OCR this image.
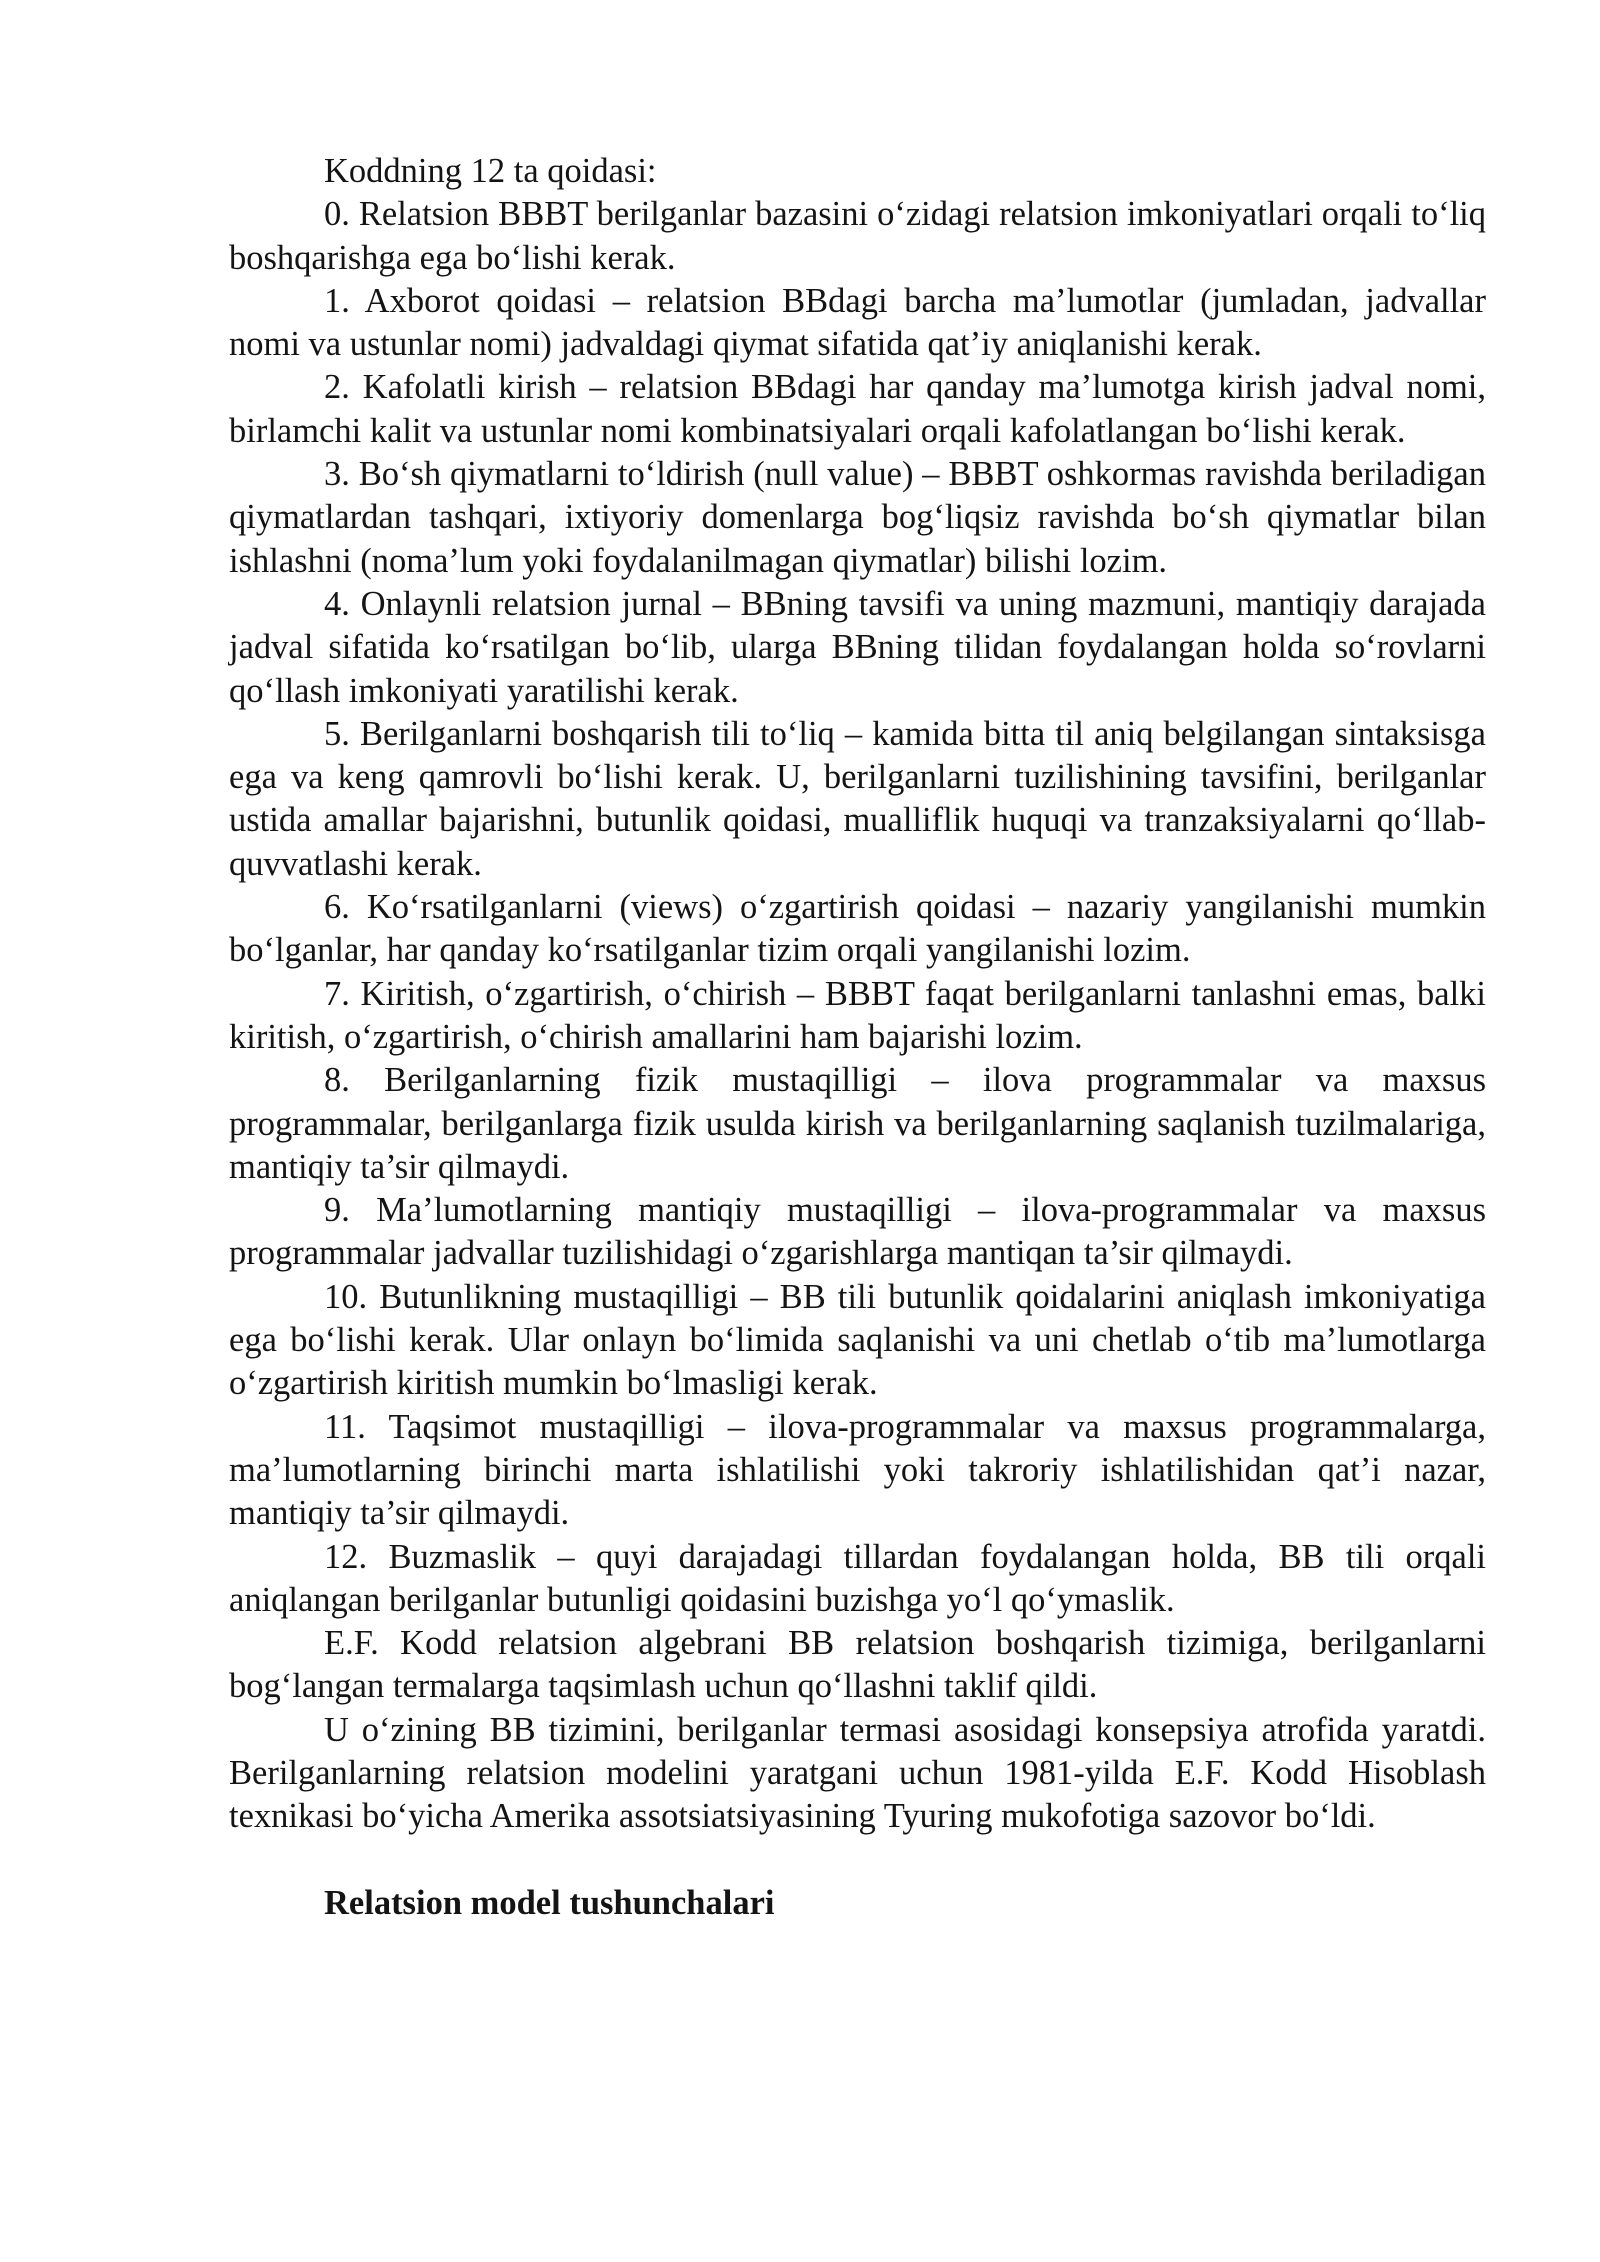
Koddning 12 ta qoidasi:

0. Relatsion BBBT berilganlar bazasini o‘zidagi relatsion imkoniyatlari orqali to‘liq boshqarishga ega bo‘lishi kerak.

1. Axborot qoidasi – relatsion BBdagi barcha ma’lumotlar (jumladan, jadvallar nomi va ustunlar nomi) jadvaldagi qiymat sifatida qat’iy aniqlanishi kerak.

2. Kafolatli kirish – relatsion BBdagi har qanday ma’lumotga kirish jadval nomi, birlamchi kalit va ustunlar nomi kombinatsiyalari orqali kafolatlangan bo‘lishi kerak.

3. Bo‘sh qiymatlarni to‘ldirish (null value) – BBBT oshkormas ravishda beriladigan qiymatlardan tashqari, ixtiyoriy domenlarga bog‘liqsiz ravishda bo‘sh qiymatlar bilan ishlashni (noma’lum yoki foydalanilmagan qiymatlar) bilishi lozim.

4. Onlaynli relatsion jurnal – BBning tavsifi va uning mazmuni, mantiqiy darajada jadval sifatida ko‘rsatilgan bo‘lib, ularga BBning tilidan foydalangan holda so‘rovlarni qo‘llash imkoniyati yaratilishi kerak.

5. Berilganlarni boshqarish tili to‘liq – kamida bitta til aniq belgilangan sintaksisga ega va keng qamrovli bo‘lishi kerak. U, berilganlarni tuzilishining tavsifini, berilganlar ustida amallar bajarishni, butunlik qoidasi, mualliflik huquqi va tranzaksiyalarni qo‘llab-quvvatlashi kerak.

6. Ko‘rsatilganlarni (views) o‘zgartirish qoidasi – nazariy yangilanishi mumkin bo‘lganlar, har qanday ko‘rsatilganlar tizim orqali yangilanishi lozim.

7. Kiritish, o‘zgartirish, o‘chirish – BBBT faqat berilganlarni tanlashni emas, balki kiritish, o‘zgartirish, o‘chirish amallarini ham bajarishi lozim.

8. Berilganlarning fizik mustaqilligi – ilova programmalar va maxsus programmalar, berilganlarga fizik usulda kirish va berilganlarning saqlanish tuzilmalariga, mantiqiy ta’sir qilmaydi.

9. Ma’lumotlarning mantiqiy mustaqilligi – ilova-programmalar va maxsus programmalar jadvallar tuzilishidagi o‘zgarishlarga mantiqan ta’sir qilmaydi.

10. Butunlikning mustaqilligi – BB tili butunlik qoidalarini aniqlash imkoniyatiga ega bo‘lishi kerak. Ular onlayn bo‘limida saqlanishi va uni chetlab o‘tib ma’lumotlarga o‘zgartirish kiritish mumkin bo‘lmasligi kerak.

11. Taqsimot mustaqilligi – ilova-programmalar va maxsus programmalarga, ma’lumotlarning birinchi marta ishlatilishi yoki takroriy ishlatilishidan qat’i nazar, mantiqiy ta’sir qilmaydi.

12. Buzmaslik – quyi darajadagi tillardan foydalangan holda, BB tili orqali aniqlangan berilganlar butunligi qoidasini buzishga yo‘l qo‘ymaslik.

E.F. Kodd relatsion algebrani BB relatsion boshqarish tizimiga, berilganlarni bog‘langan termalarga taqsimlash uchun qo‘llashni taklif qildi.

U o‘zining BB tizimini, berilganlar termasi asosidagi konsepsiya atrofida yaratdi. Berilganlarning relatsion modelini yaratgani uchun 1981-yilda E.F. Kodd Hisoblash texnikasi bo‘yicha Amerika assotsiatsiyasining Tyuring mukofotiga sazovor bo‘ldi.

Relatsion model tushunchalari
